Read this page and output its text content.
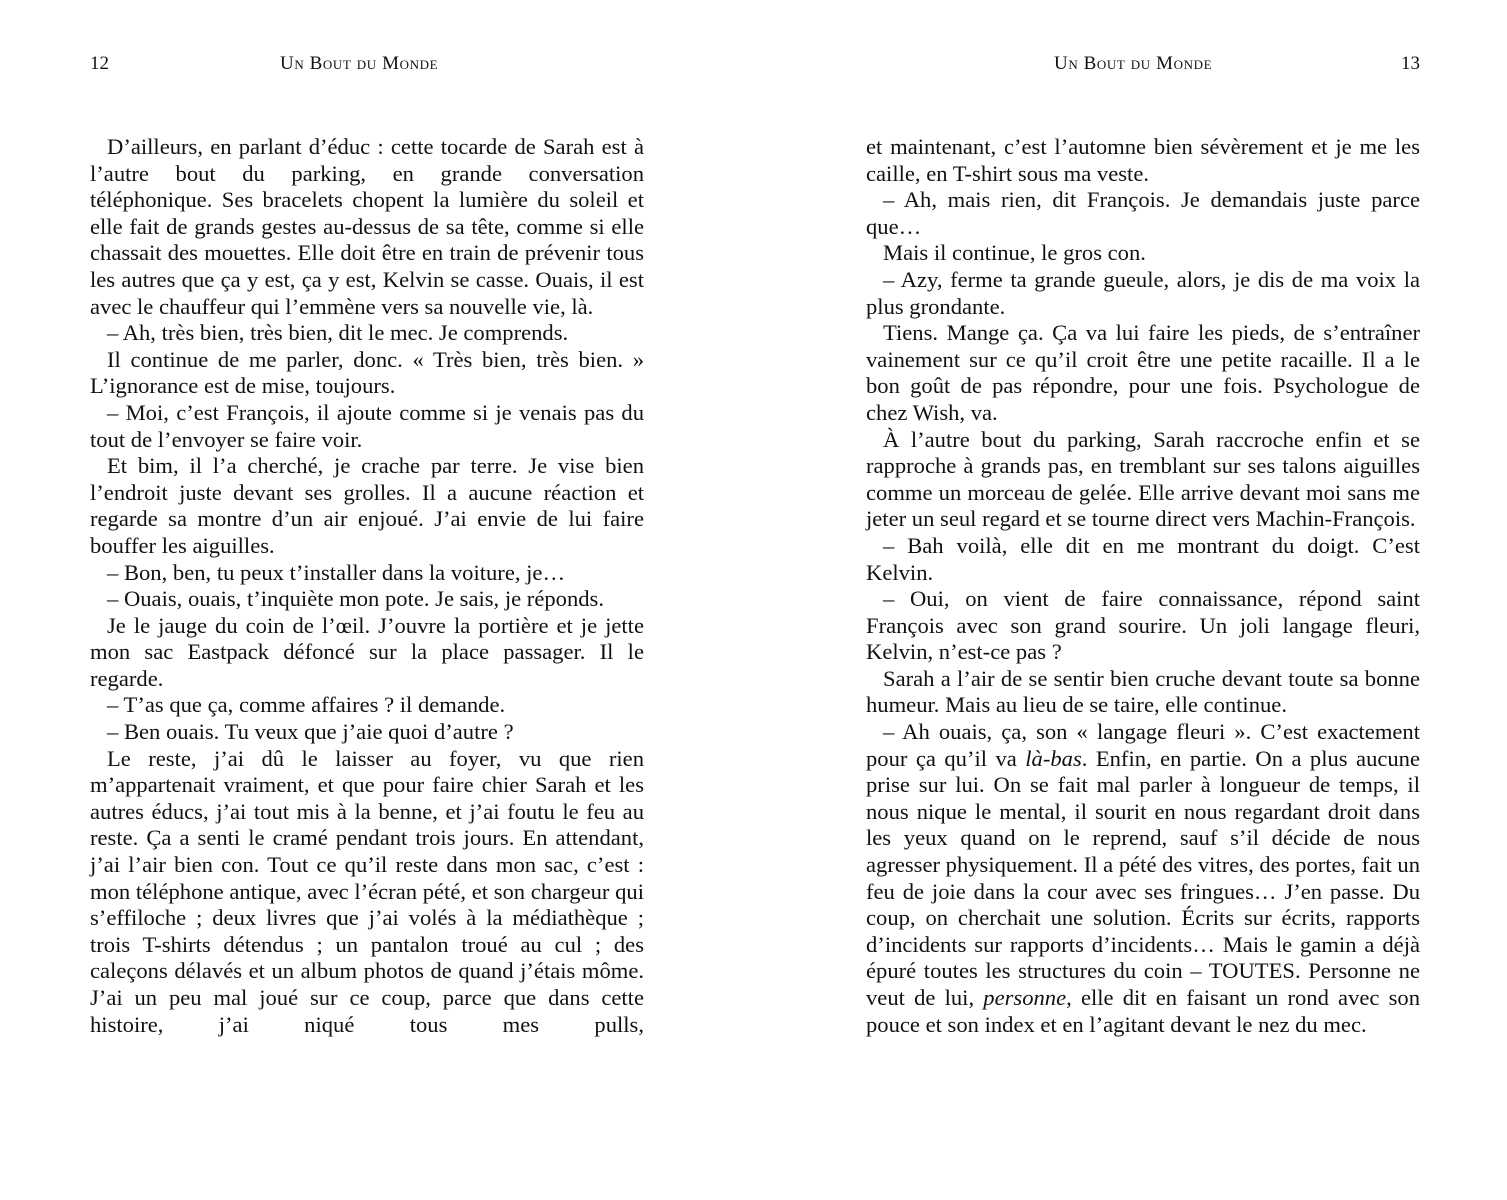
12	Un Bout du Monde

D’ailleurs, en parlant d’éduc : cette tocarde de Sarah est à l’autre bout du parking, en grande conversation téléphonique. Ses bracelets chopent la lumière du soleil et elle fait de grands gestes au-dessus de sa tête, comme si elle chassait des mouettes. Elle doit être en train de prévenir tous les autres que ça y est, ça y est, Kelvin se casse. Ouais, il est avec le chauffeur qui l’emmène vers sa nouvelle vie, là.

– Ah, très bien, très bien, dit le mec. Je comprends.

Il continue de me parler, donc. « Très bien, très bien. » L’ignorance est de mise, toujours.

– Moi, c’est François, il ajoute comme si je venais pas du tout de l’envoyer se faire voir.

Et bim, il l’a cherché, je crache par terre. Je vise bien l’endroit juste devant ses grolles. Il a aucune réaction et regarde sa montre d’un air enjoué. J’ai envie de lui faire bouffer les aiguilles.

– Bon, ben, tu peux t’installer dans la voiture, je…

– Ouais, ouais, t’inquiète mon pote. Je sais, je réponds.

Je le jauge du coin de l’œil. J’ouvre la portière et je jette mon sac Eastpack défoncé sur la place passager. Il le regarde.

– T’as que ça, comme affaires ? il demande.

– Ben ouais. Tu veux que j’aie quoi d’autre ?

Le reste, j’ai dû le laisser au foyer, vu que rien m’appartenait vraiment, et que pour faire chier Sarah et les autres éducs, j’ai tout mis à la benne, et j’ai foutu le feu au reste. Ça a senti le cramé pendant trois jours. En attendant, j’ai l’air bien con. Tout ce qu’il reste dans mon sac, c’est : mon téléphone antique, avec l’écran pété, et son chargeur qui s’effiloche ; deux livres que j’ai volés à la médiathèque ; trois T-shirts détendus ; un pantalon troué au cul ; des caleçons délavés et un album photos de quand j’étais môme. J’ai un peu mal joué sur ce coup, parce que dans cette histoire, j’ai niqué tous mes pulls,

Un Bout du Monde	13

et maintenant, c’est l’automne bien sévèrement et je me les caille, en T-shirt sous ma veste.

– Ah, mais rien, dit François. Je demandais juste parce que…

Mais il continue, le gros con.

– Azy, ferme ta grande gueule, alors, je dis de ma voix la plus grondante.

Tiens. Mange ça. Ça va lui faire les pieds, de s’entraîner vainement sur ce qu’il croit être une petite racaille. Il a le bon goût de pas répondre, pour une fois. Psychologue de chez Wish, va.

À l’autre bout du parking, Sarah raccroche enfin et se rapproche à grands pas, en tremblant sur ses talons aiguilles comme un morceau de gelée. Elle arrive devant moi sans me jeter un seul regard et se tourne direct vers Machin-François.

– Bah voilà, elle dit en me montrant du doigt. C’est Kelvin.

– Oui, on vient de faire connaissance, répond saint François avec son grand sourire. Un joli langage fleuri, Kelvin, n’est-ce pas ?

Sarah a l’air de se sentir bien cruche devant toute sa bonne humeur. Mais au lieu de se taire, elle continue.

– Ah ouais, ça, son « langage fleuri ». C’est exactement pour ça qu’il va là-bas. Enfin, en partie. On a plus aucune prise sur lui. On se fait mal parler à longueur de temps, il nous nique le mental, il sourit en nous regardant droit dans les yeux quand on le reprend, sauf s’il décide de nous agresser physiquement. Il a pété des vitres, des portes, fait un feu de joie dans la cour avec ses fringues… J’en passe. Du coup, on cherchait une solution. Écrits sur écrits, rapports d’incidents sur rapports d’incidents… Mais le gamin a déjà épuré toutes les structures du coin – TOUTES. Personne ne veut de lui, personne, elle dit en faisant un rond avec son pouce et son index et en l’agitant devant le nez du mec.
